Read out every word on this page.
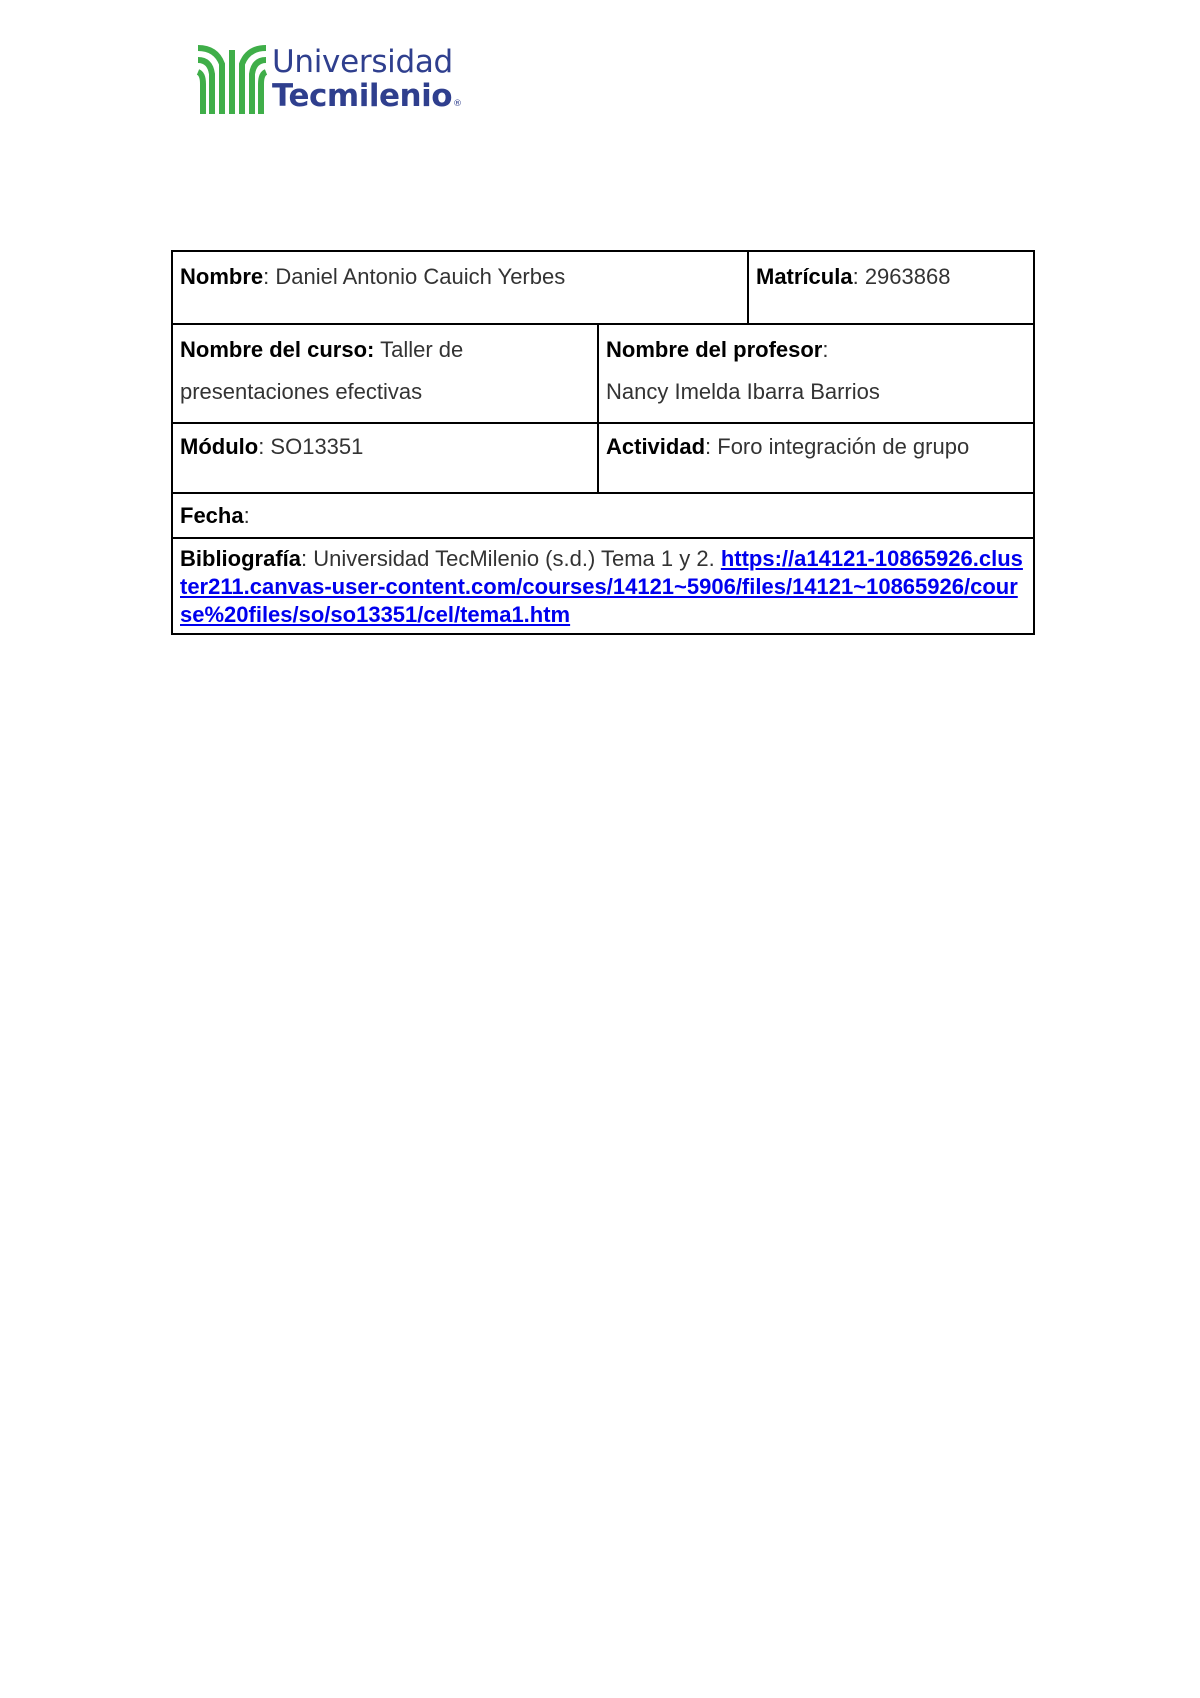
Universidad
Tecmilenio®
Nombre: Daniel Antonio Cauich Yerbes	Matrícula: 2963868
Nombre del curso: Taller de presentaciones efectivas
Nombre del profesor:
Nancy Imelda Ibarra Barrios
Módulo: SO13351	Actividad: Foro integración de grupo
Fecha:
Bibliografía: Universidad TecMilenio (s.d.) Tema 1 y 2. https://a14121-10865926.cluster211.canvas-user-content.com/courses/14121~5906/files/14121~10865926/course%20files/so/so13351/cel/tema1.htm
